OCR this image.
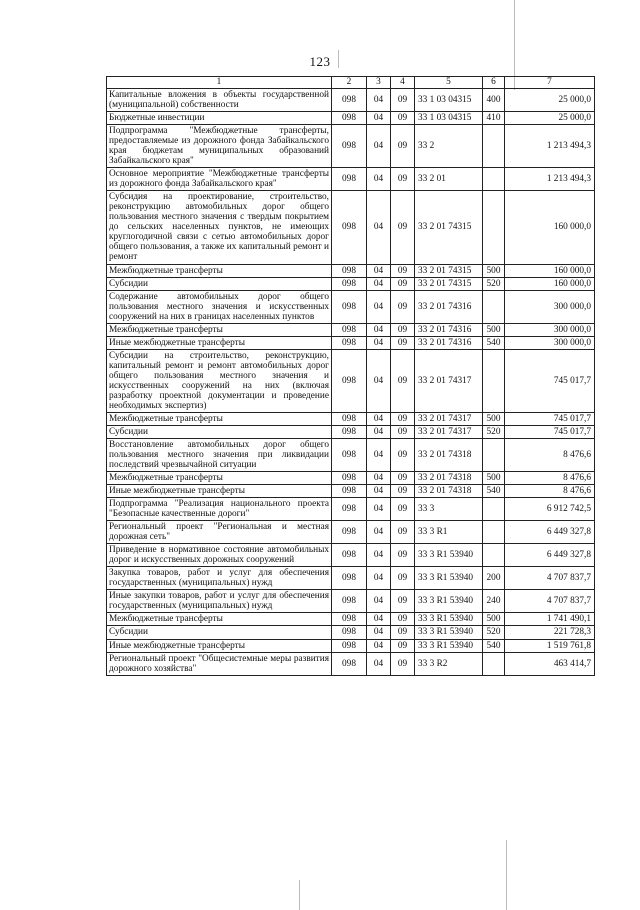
123
1	2	3	4	5	6	7
Капитальные вложения в объекты государственной (муниципальной) собственности	098	04	09	33 1 03 04315	400	25 000,0
Бюджетные инвестиции	098	04	09	33 1 03 04315	410	25 000,0
Подпрограмма "Межбюджетные трансферты, предоставляемые из дорожного фонда Забайкальского края бюджетам муниципальных образований Забайкальского края"	098	04	09	33 2		1 213 494,3
Основное мероприятие "Межбюджетные трансферты из дорожного фонда Забайкальского края"	098	04	09	33 2 01		1 213 494,3
Субсидия на проектирование, строительство, реконструкцию автомобильных дорог общего пользования местного значения с твердым покрытием до сельских населенных пунктов, не имеющих круглогодичной связи с сетью автомобильных дорог общего пользования, а также их капитальный ремонт и ремонт	098	04	09	33 2 01 74315		160 000,0
Межбюджетные трансферты	098	04	09	33 2 01 74315	500	160 000,0
Субсидии	098	04	09	33 2 01 74315	520	160 000,0
Содержание автомобильных дорог общего пользования местного значения и искусственных сооружений на них в границах населенных пунктов	098	04	09	33 2 01 74316		300 000,0
Межбюджетные трансферты	098	04	09	33 2 01 74316	500	300 000,0
Иные межбюджетные трансферты	098	04	09	33 2 01 74316	540	300 000,0
Субсидии на строительство, реконструкцию, капитальный ремонт и ремонт автомобильных дорог общего пользования местного значения и искусственных сооружений на них (включая разработку проектной документации и проведение необходимых экспертиз)	098	04	09	33 2 01 74317		745 017,7
Межбюджетные трансферты	098	04	09	33 2 01 74317	500	745 017,7
Субсидии	098	04	09	33 2 01 74317	520	745 017,7
Восстановление автомобильных дорог общего пользования местного значения при ликвидации последствий чрезвычайной ситуации	098	04	09	33 2 01 74318		8 476,6
Межбюджетные трансферты	098	04	09	33 2 01 74318	500	8 476,6
Иные межбюджетные трансферты	098	04	09	33 2 01 74318	540	8 476,6
Подпрограмма "Реализация национального проекта "Безопасные качественные дороги"	098	04	09	33 3		6 912 742,5
Региональный проект "Региональная и местная дорожная сеть"	098	04	09	33 3 R1		6 449 327,8
Приведение в нормативное состояние автомобильных дорог и искусственных дорожных сооружений	098	04	09	33 3 R1 53940		6 449 327,8
Закупка товаров, работ и услуг для обеспечения государственных (муниципальных) нужд	098	04	09	33 3 R1 53940	200	4 707 837,7
Иные закупки товаров, работ и услуг для обеспечения государственных (муниципальных) нужд	098	04	09	33 3 R1 53940	240	4 707 837,7
Межбюджетные трансферты	098	04	09	33 3 R1 53940	500	1 741 490,1
Субсидии	098	04	09	33 3 R1 53940	520	221 728,3
Иные межбюджетные трансферты	098	04	09	33 3 R1 53940	540	1 519 761,8
Региональный проект "Общесистемные меры развития дорожного хозяйства"	098	04	09	33 3 R2		463 414,7
